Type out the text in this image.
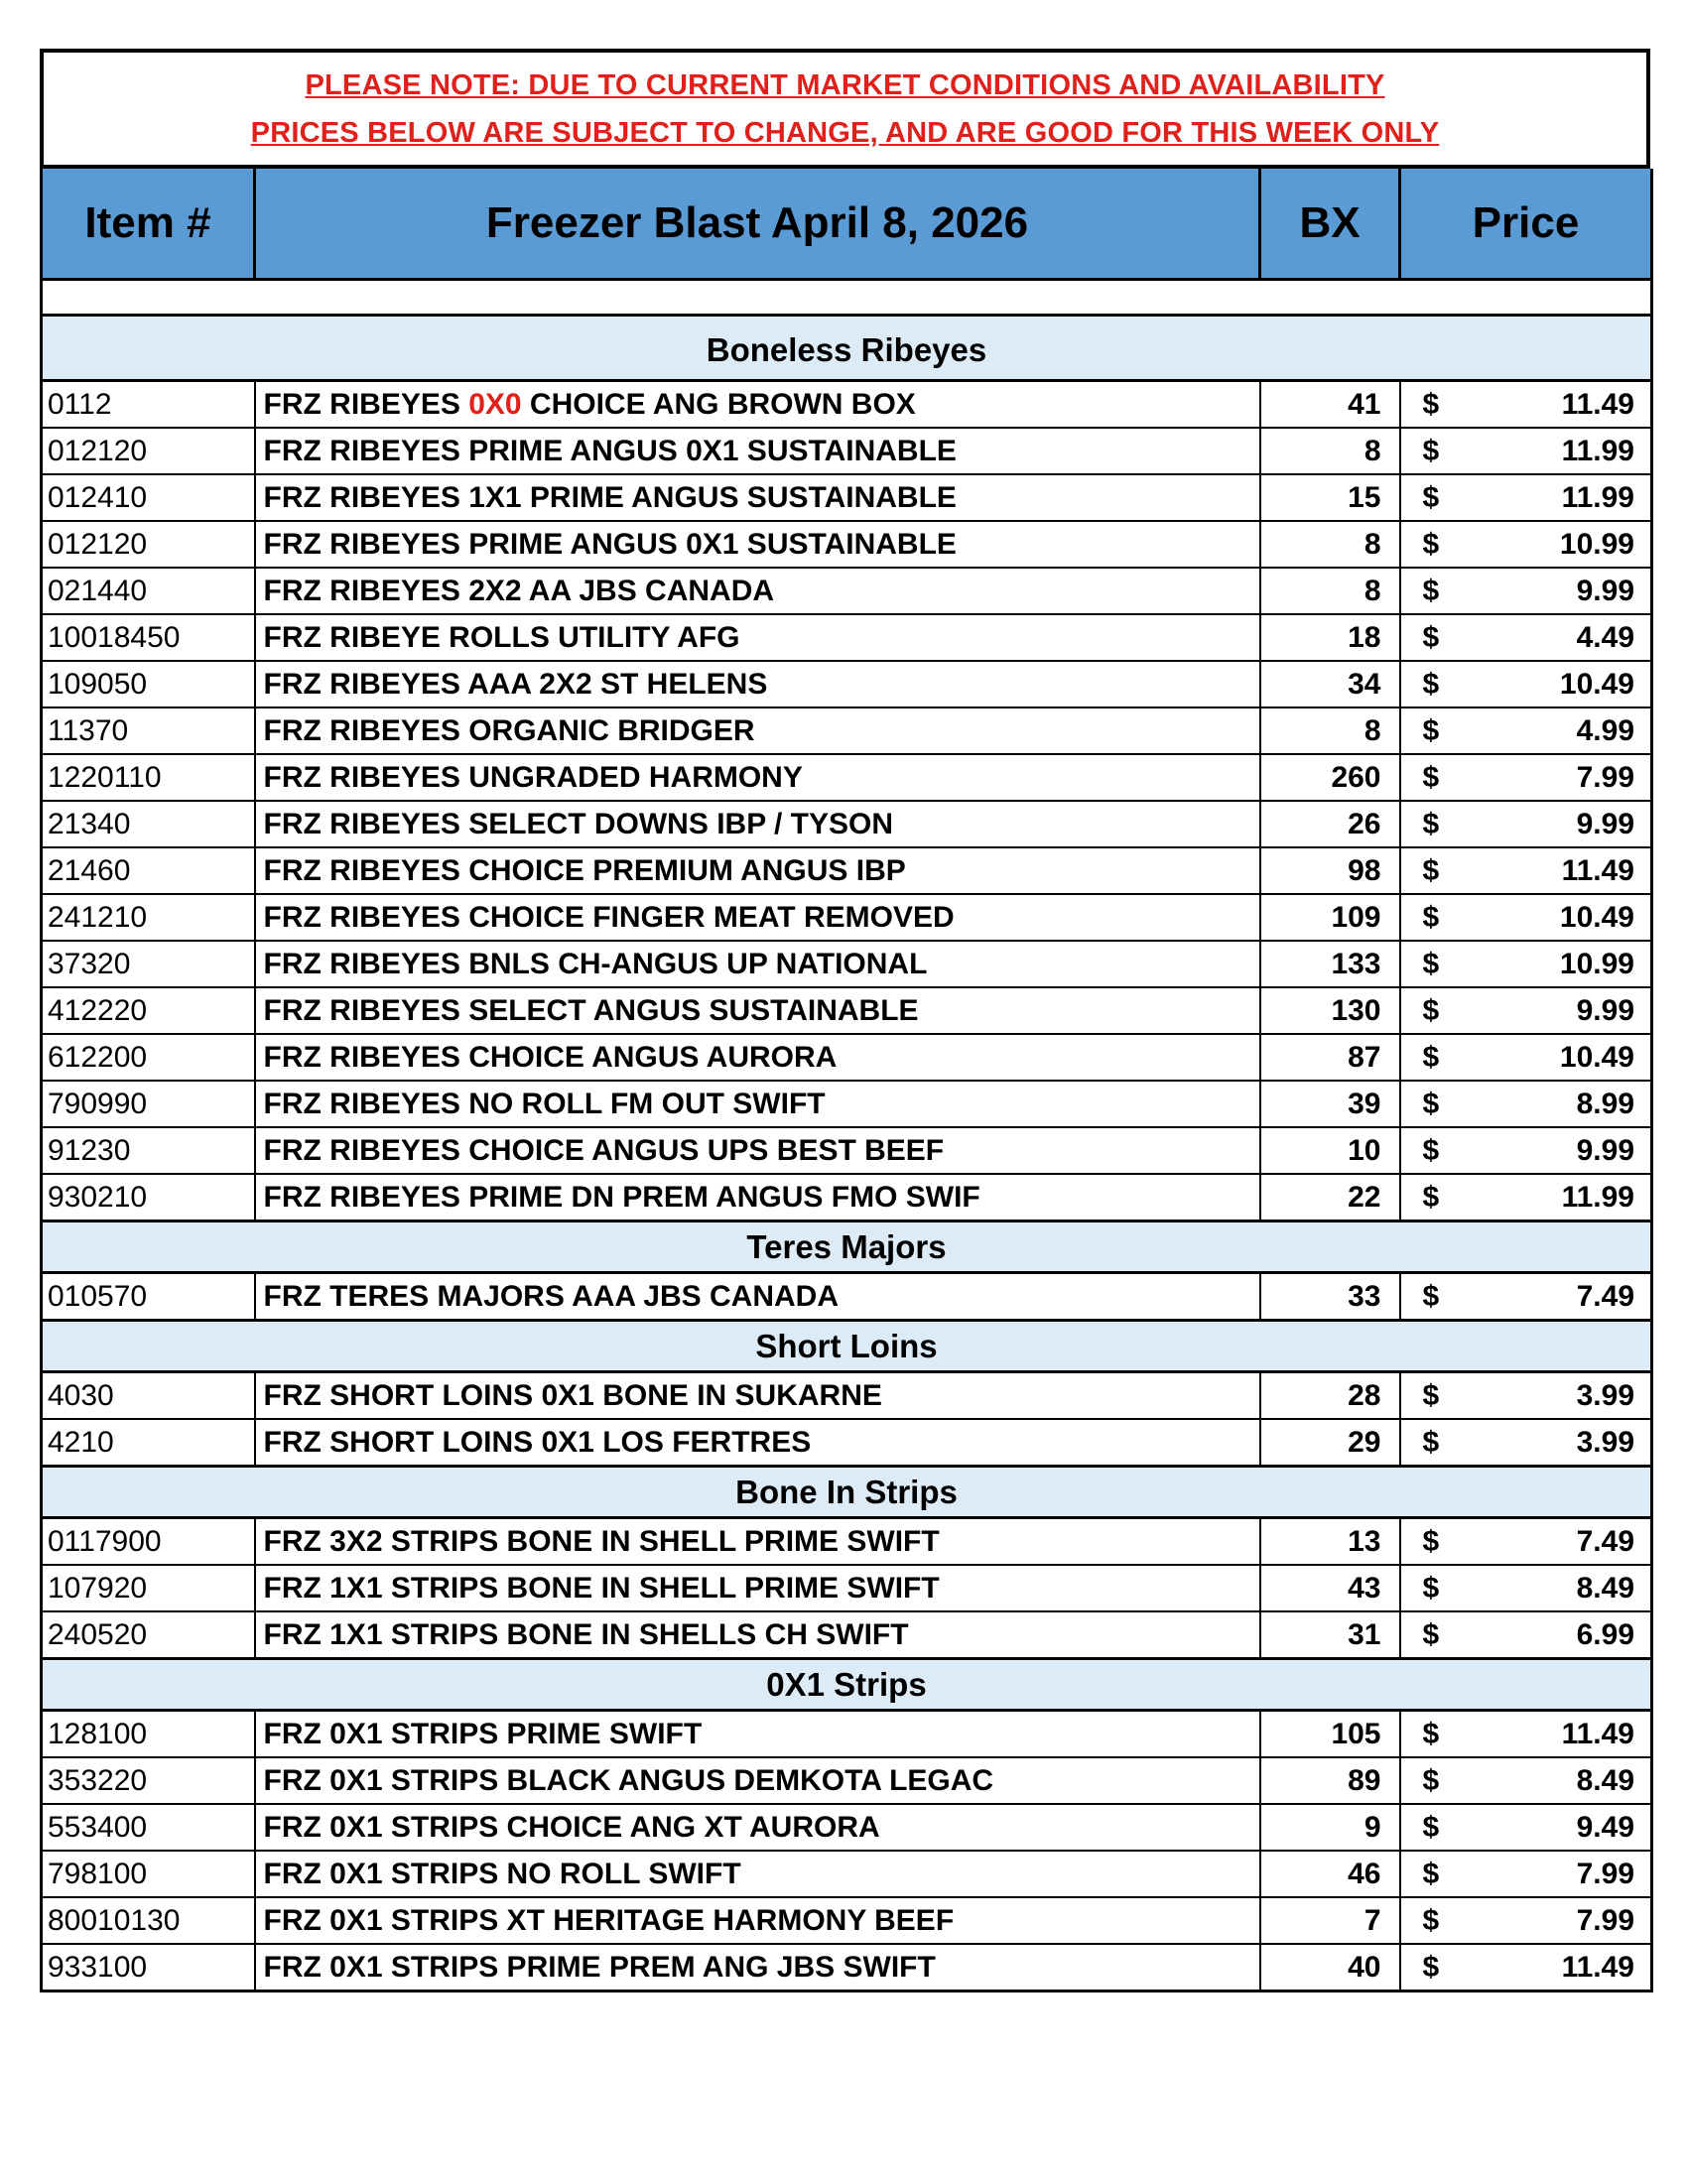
PLEASE NOTE: DUE TO CURRENT MARKET CONDITIONS AND AVAILABILITY
PRICES BELOW ARE SUBJECT TO CHANGE, AND ARE GOOD FOR THIS WEEK ONLY
Item #	Freezer Blast April 8, 2026	BX	Price

Boneless Ribeyes			
0112	FRZ RIBEYES 0X0 CHOICE ANG BROWN BOX	41	$ 11.49

012120	FRZ RIBEYES PRIME ANGUS 0X1 SUSTAINABLE	8	$ 11.99

012410	FRZ RIBEYES 1X1 PRIME ANGUS SUSTAINABLE	15	$ 11.99

012120	FRZ RIBEYES PRIME ANGUS 0X1 SUSTAINABLE	8	$ 10.99

021440	FRZ RIBEYES 2X2 AA JBS CANADA	8	$ 9.99

10018450	FRZ RIBEYE ROLLS UTILITY AFG	18	$ 4.49

109050	FRZ RIBEYES AAA 2X2 ST HELENS	34	$ 10.49

11370	FRZ RIBEYES ORGANIC BRIDGER	8	$ 4.99

1220110	FRZ RIBEYES UNGRADED HARMONY	260	$ 7.99

21340	FRZ RIBEYES SELECT DOWNS IBP / TYSON	26	$ 9.99

21460	FRZ RIBEYES CHOICE PREMIUM ANGUS IBP	98	$ 11.49

241210	FRZ RIBEYES CHOICE FINGER MEAT REMOVED	109	$ 10.49

37320	FRZ RIBEYES BNLS CH-ANGUS UP NATIONAL	133	$ 10.99

412220	FRZ RIBEYES SELECT ANGUS SUSTAINABLE	130	$ 9.99

612200	FRZ RIBEYES CHOICE ANGUS AURORA	87	$ 10.49

790990	FRZ RIBEYES NO ROLL FM OUT SWIFT	39	$ 8.99

91230	FRZ RIBEYES CHOICE ANGUS UPS BEST BEEF	10	$ 9.99

930210	FRZ RIBEYES PRIME DN PREM ANGUS FMO SWIF	22	$ 11.99

Teres Majors			
010570	FRZ TERES MAJORS AAA JBS CANADA	33	$ 7.49

Short Loins			
4030	FRZ SHORT LOINS 0X1 BONE IN SUKARNE	28	$ 3.99

4210	FRZ SHORT LOINS 0X1 LOS FERTRES	29	$ 3.99

Bone In Strips			
0117900	FRZ 3X2 STRIPS BONE IN SHELL PRIME SWIFT	13	$ 7.49

107920	FRZ 1X1 STRIPS BONE IN SHELL PRIME SWIFT	43	$ 8.49

240520	FRZ 1X1 STRIPS BONE IN SHELLS CH SWIFT	31	$ 6.99

0X1 Strips			
128100	FRZ 0X1 STRIPS PRIME SWIFT	105	$ 11.49

353220	FRZ 0X1 STRIPS BLACK ANGUS DEMKOTA LEGAC	89	$ 8.49

553400	FRZ 0X1 STRIPS CHOICE ANG XT AURORA	9	$ 9.49

798100	FRZ 0X1 STRIPS NO ROLL SWIFT	46	$ 7.99

80010130	FRZ 0X1 STRIPS XT HERITAGE HARMONY BEEF	7	$ 7.99

933100	FRZ 0X1 STRIPS PRIME PREM ANG JBS SWIFT	40	$ 11.49
